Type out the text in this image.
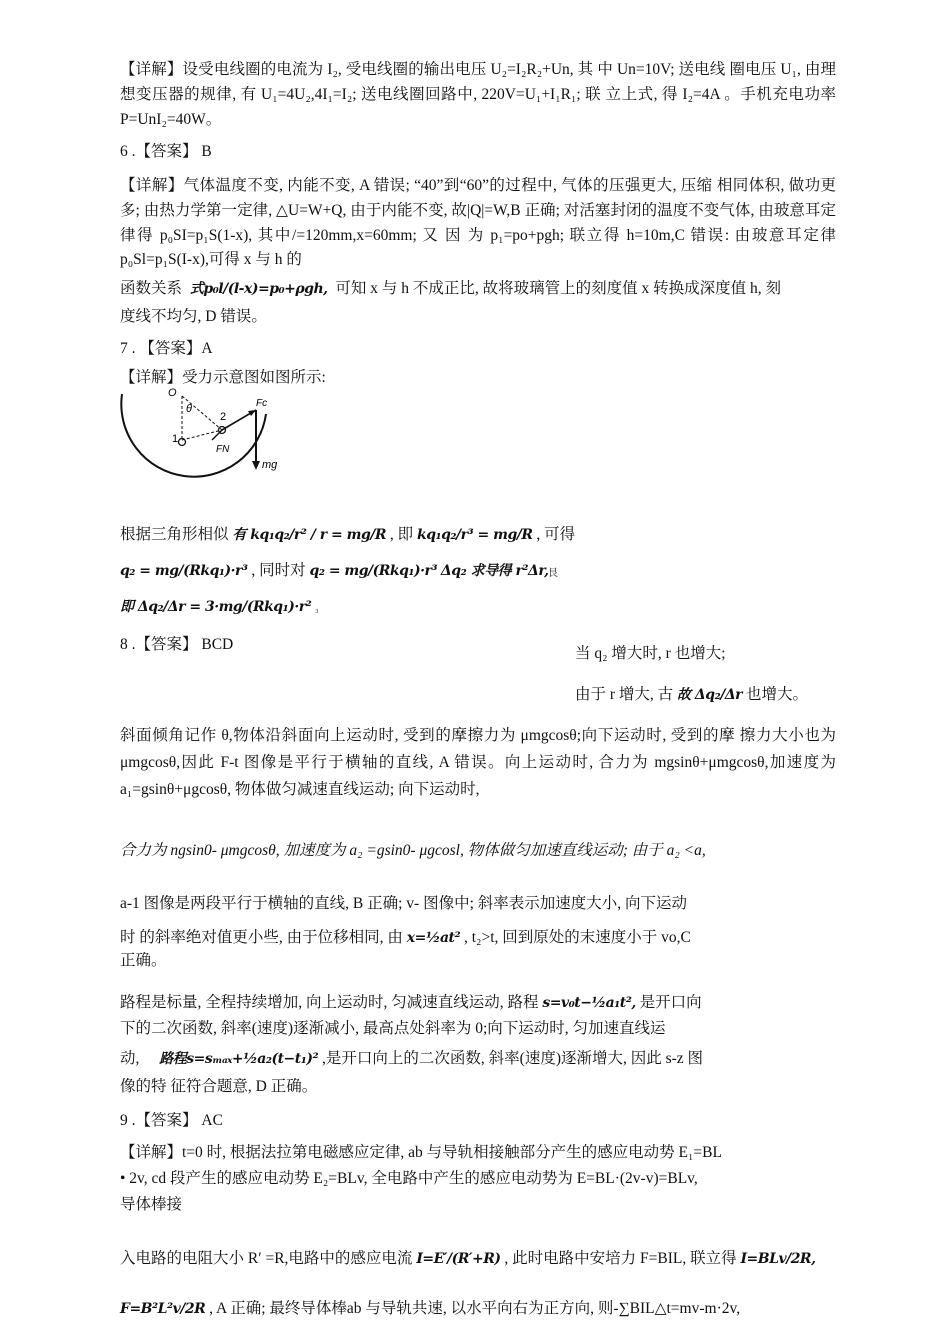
【详解】设受电线圈的电流为 I₂, 受电线圈的输出电压 U₂=I₂R₂+Un, 其 中 Un=10V; 送电线 圈电压 U₁, 由理想变压器的规律, 有 U₁=4U₂,4I₁=I₂; 送电线圈回路中, 220V=U₁+I₁R₁; 联 立上式, 得 I₂=4A 。手机充电功率 P=UnI₂=40W。
6 .【答案】 B
【详解】气体温度不变, 内能不变, A 错误; “40”到“60”的过程中, 气体的压强更大, 压缩 相同体积, 做功更多; 由热力学第一定律, △U=W+Q, 由于内能不变, 故|Q|=W,B 正确; 对活塞封闭的温度不变气体, 由玻意耳定律得 p₀SI=p₁S(1-x), 其中/=120mm,x=60mm; 又 因 为 p₁=po+pgh; 联立得 h=10m,C 错误: 由玻意耳定律 p₀Sl=p₁S(I-x),可得 x 与 h 的
函数关系 式p₀l/(l-x)=p₀+ρgh, 可知 x 与 h 不成正比, 故将玻璃管上的刻度值 x 转换成深度值 h, 刻
度线不均匀, D 错误。
7 . 【答案】A
【详解】受力示意图如图所示:
O
θ
1
2
Fc
FN
mg
根据三角形相似 有 kq₁q₂/r² / r = mg/R , 即 kq₁q₂/r³ = mg/R , 可得
q₂ = mg/(Rkq₁)·r³ , 同时对 q₂ = mg/(Rkq₁)·r³ Δq₂ 求导得 r²Δr, 艮
即 Δq₂/Δr = 3·mg/(Rkq₁)·r² ₃
8 .【答案】 BCD
当 q₂ 增大时, r 也增大;
由于 r 增大, 古 故 Δq₂/Δr 也增大。
斜面倾角记作 θ,物体沿斜面向上运动时, 受到的摩擦力为 μmgcosθ;向下运动时, 受到的摩 擦力大小也为 μmgcosθ,因此 F-t 图像是平行于横轴的直线, A 错误。向上运动时, 合力为 mgsinθ+μmgcosθ,加速度为 a₁=gsinθ+μgcosθ, 物体做匀减速直线运动; 向下运动时,
合力为 ngsin0- μmgcosθ, 加速度为 a₂ =gsin0- μgcosl, 物体做匀加速直线运动; 由于 a₂ <a,
a-1 图像是两段平行于横轴的直线, B 正确; v- 图像中; 斜率表示加速度大小, 向下运动
时 的斜率绝对值更小些, 由于位移相同, 由 x=½at² , t₂>t, 回到原处的末速度小于 vo,C
正确。
路程是标量, 全程持续增加, 向上运动时, 匀减速直线运动, 路程 s=v₀t−½a₁t², 是开口向
下的二次函数, 斜率(速度)逐渐减小, 最高点处斜率为 0;向下运动时, 匀加速直线运
动, 路程s=sₘₐₓ+½a₂(t−t₁)² ,是开口向上的二次函数, 斜率(速度)逐渐增大, 因此 s-z 图
像的特 征符合题意, D 正确。
9 .【答案】 AC
【详解】t=0 时, 根据法拉第电磁感应定律, ab 与导轨相接触部分产生的感应电动势 E₁=BL
• 2v, cd 段产生的感应电动势 E₂=BLv, 全电路中产生的感应电动势为 E=BL·(2v-v)=BLv,
导体棒接
入电路的电阻大小 R′ =R,电路中的感应电流 I=E′/(R′+R) , 此时电路中安培力 F=BIL, 联立得 I=BLv/2R,
F=B²L²v/2R , A 正确; 最终导体棒ab 与导轨共速, 以水平向右为正方向, 则-∑BIL△t=mv-m·2v,
